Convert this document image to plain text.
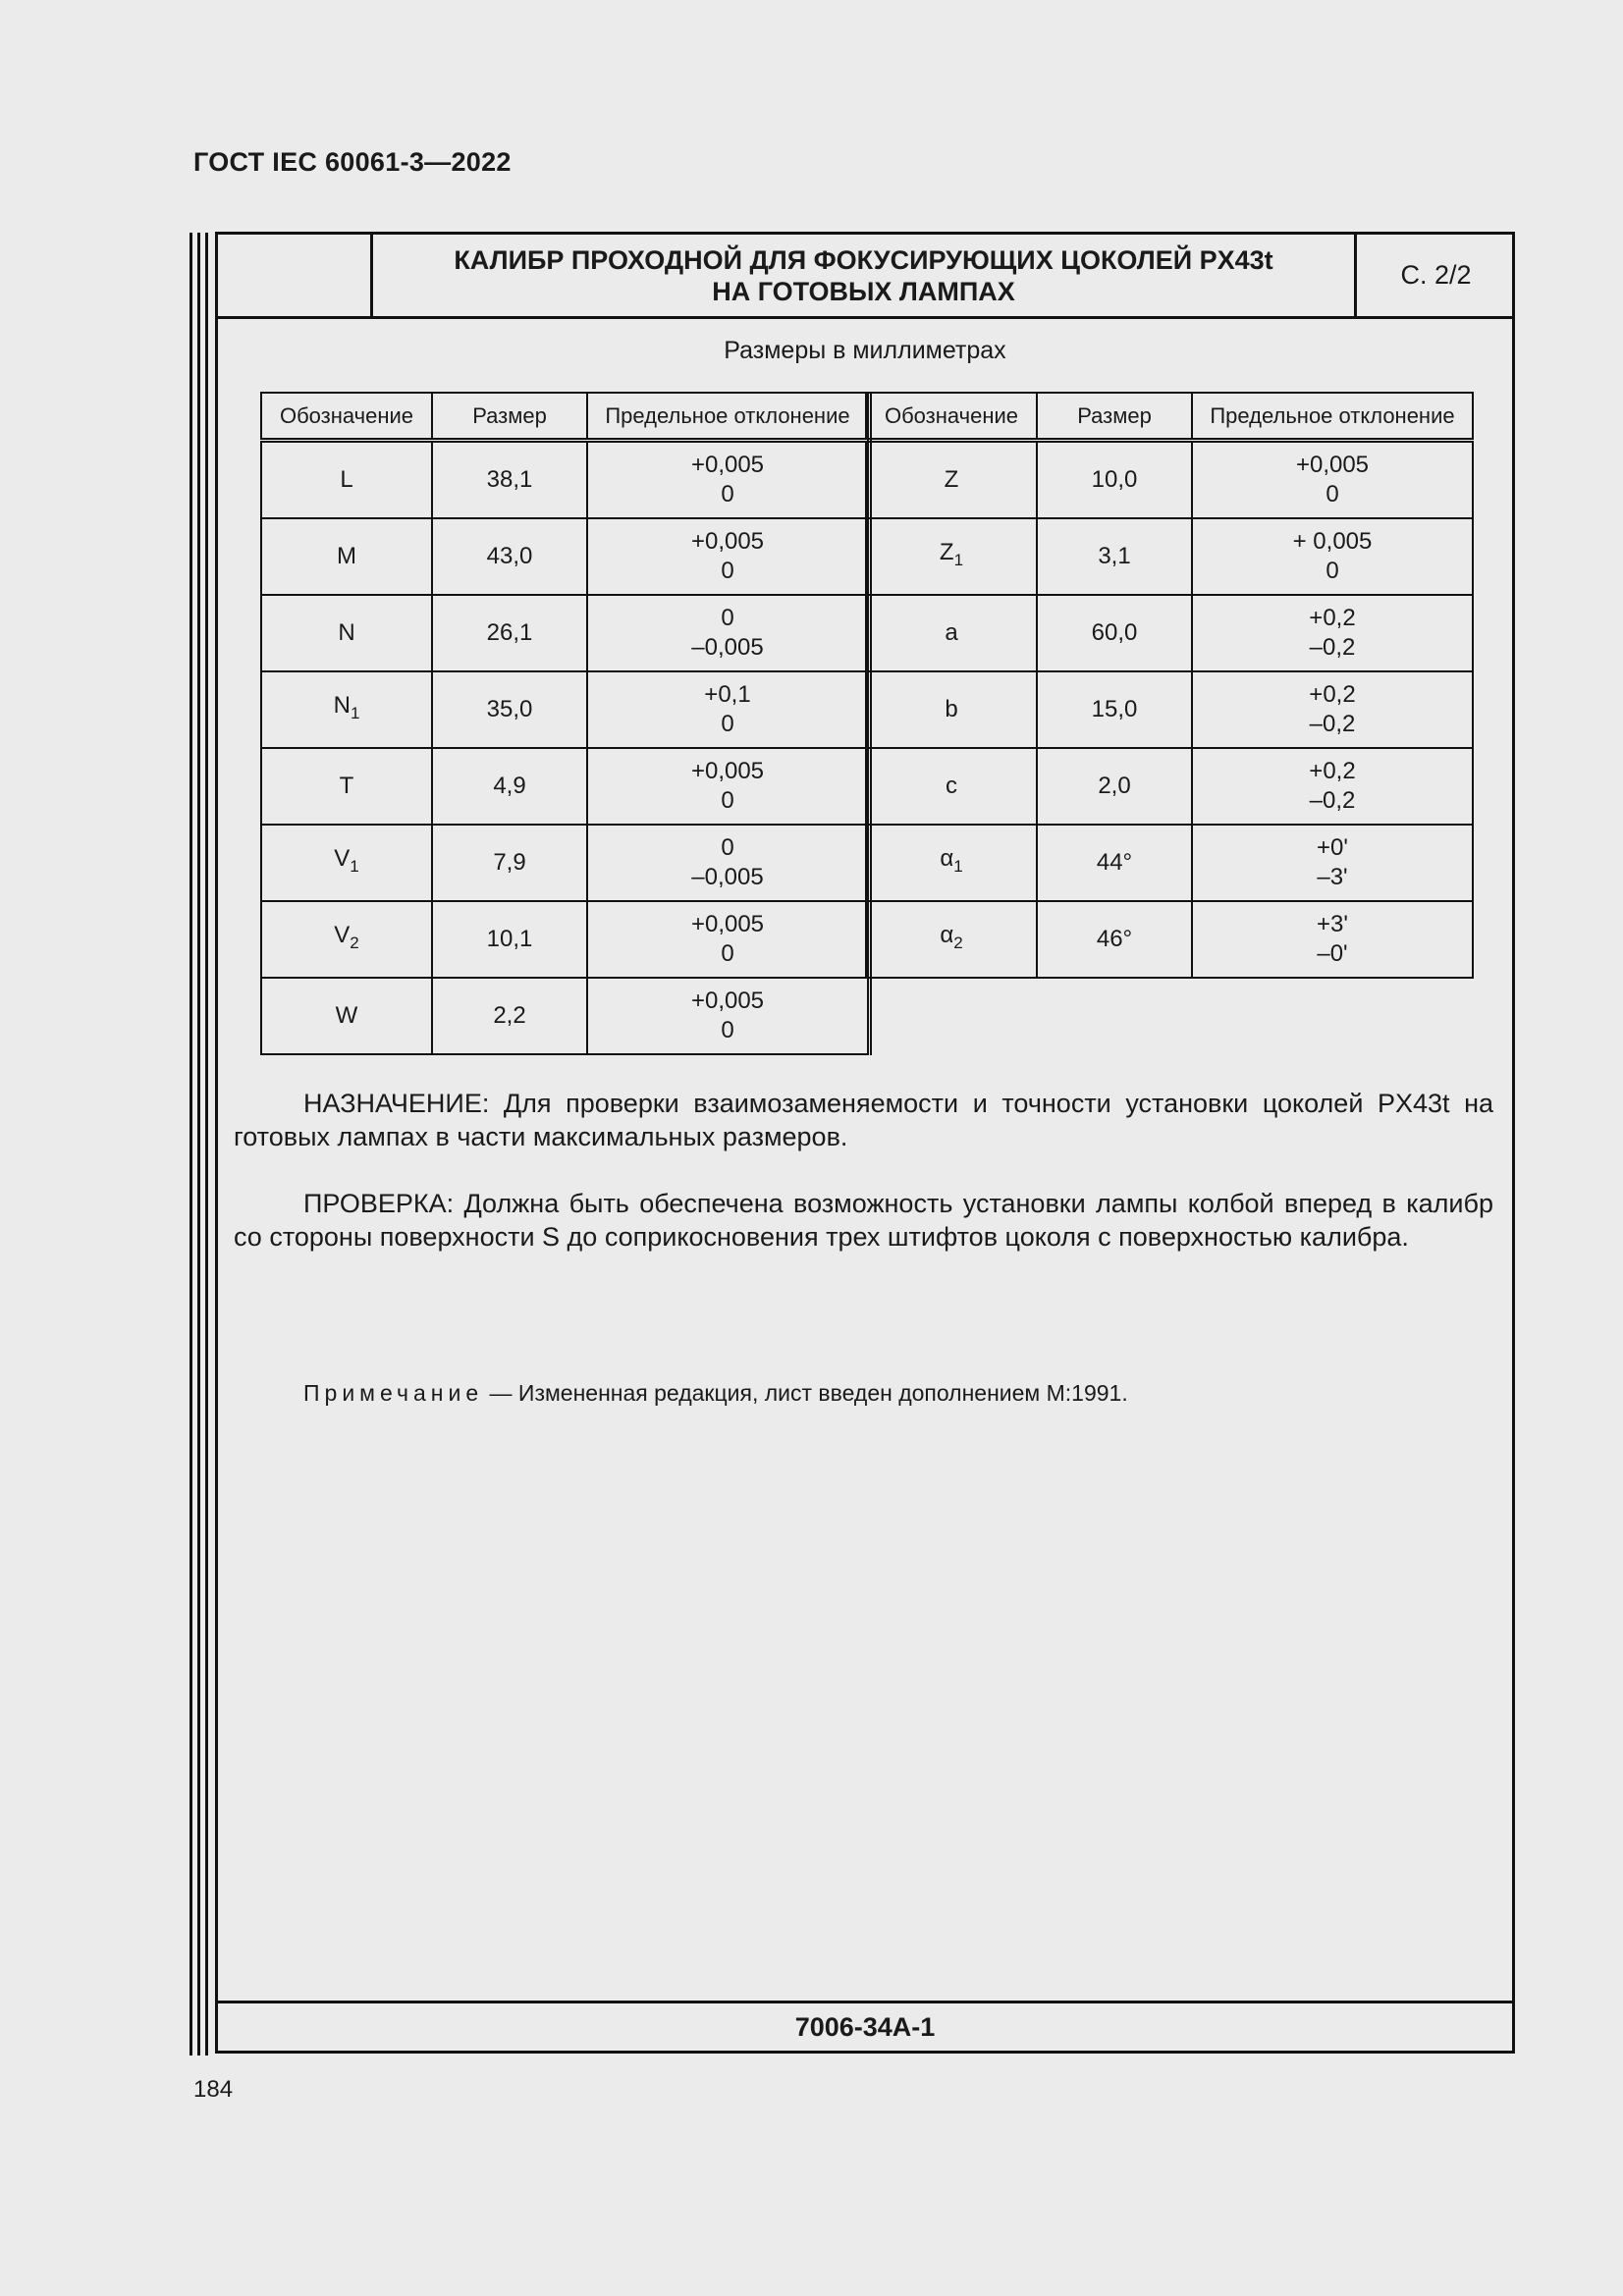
ГОСТ IEC 60061-3—2022
КАЛИБР ПРОХОДНОЙ ДЛЯ ФОКУСИРУЮЩИХ ЦОКОЛЕЙ PX43t
НА ГОТОВЫХ ЛАМПАХ
С. 2/2
Размеры в миллиметрах
Обозначение	Размер	Предельное отклонение
L	38,1	+0,005
0

M	43,0	+0,005
0

N	26,1	0
–0,005

$N_1$	35,0	+0,1
0

T	4,9	+0,005
0

$V_1$	7,9	0
–0,005

$V_2$	10,1	+0,005
0

W	2,2	+0,005
0
Обозначение	Размер	Предельное отклонение
Z	10,0	+0,005
0

$Z_1$	3,1	+ 0,005
0

a	60,0	+0,2
–0,2

b	15,0	+0,2
–0,2

c	2,0	+0,2
–0,2

$\alpha_1$	44°	+0'
–3'

$\alpha_2$	46°	+3'
–0'
НАЗНАЧЕНИЕ: Для проверки взаимозаменяемости и точности установки цоколей PX43t на готовых лампах в части максимальных размеров.
ПРОВЕРКА: Должна быть обеспечена возможность установки лампы колбой вперед в калибр со стороны поверхности S до соприкосновения трех штифтов цоколя с поверхностью калибра.
Примечание — Измененная редакция, лист введен дополнением М:1991.
7006-34A-1
184
